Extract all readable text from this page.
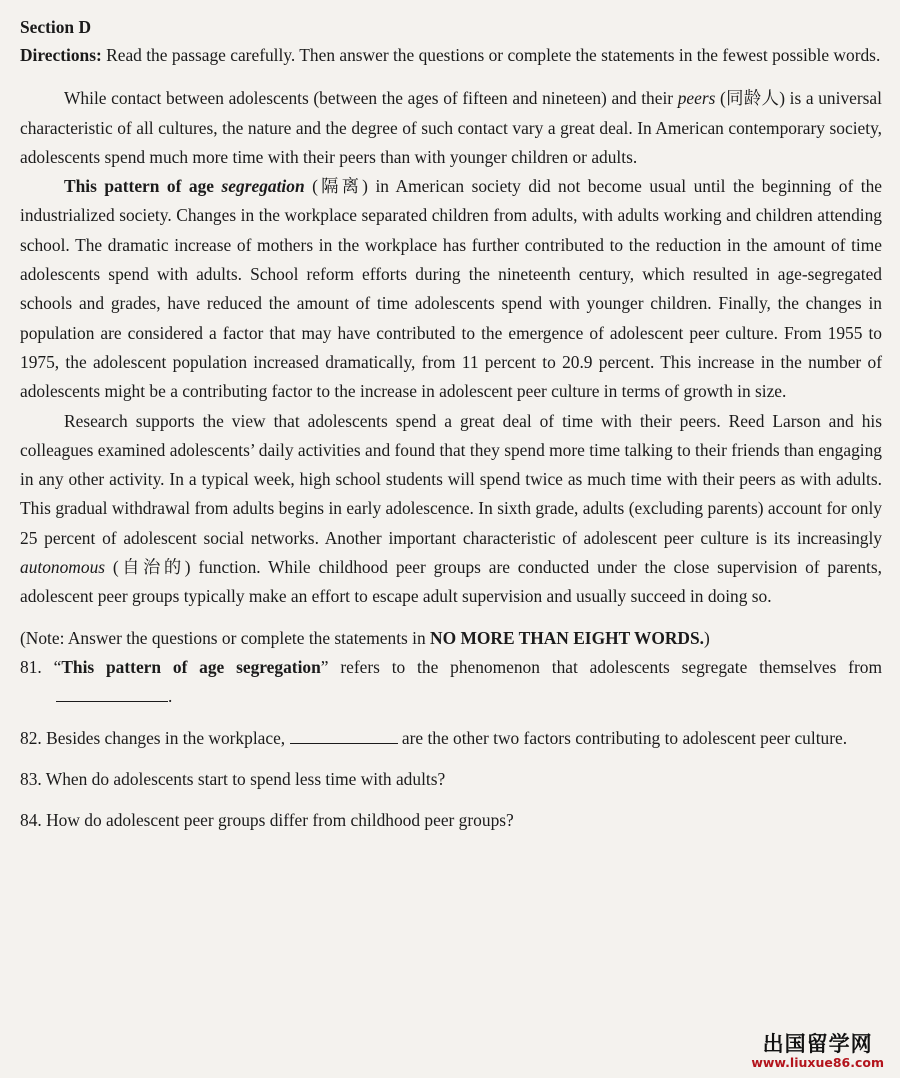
Section D

Directions: Read the passage carefully. Then answer the questions or complete the statements in the fewest possible words.

While contact between adolescents (between the ages of fifteen and nineteen) and their peers (同龄人) is a universal characteristic of all cultures, the nature and the degree of such contact vary a great deal. In American contemporary society, adolescents spend much more time with their peers than with younger children or adults.

This pattern of age segregation (隔离) in American society did not become usual until the beginning of the industrialized society. Changes in the workplace separated children from adults, with adults working and children attending school. The dramatic increase of mothers in the workplace has further contributed to the reduction in the amount of time adolescents spend with adults. School reform efforts during the nineteenth century, which resulted in age-segregated schools and grades, have reduced the amount of time adolescents spend with younger children. Finally, the changes in population are considered a factor that may have contributed to the emergence of adolescent peer culture. From 1955 to 1975, the adolescent population increased dramatically, from 11 percent to 20.9 percent. This increase in the number of adolescents might be a contributing factor to the increase in adolescent peer culture in terms of growth in size.

Research supports the view that adolescents spend a great deal of time with their peers. Reed Larson and his colleagues examined adolescents’ daily activities and found that they spend more time talking to their friends than engaging in any other activity. In a typical week, high school students will spend twice as much time with their peers as with adults. This gradual withdrawal from adults begins in early adolescence. In sixth grade, adults (excluding parents) account for only 25 percent of adolescent social networks. Another important characteristic of adolescent peer culture is its increasingly autonomous (自治的) function. While childhood peer groups are conducted under the close supervision of parents, adolescent peer groups typically make an effort to escape adult supervision and usually succeed in doing so.

(Note: Answer the questions or complete the statements in NO MORE THAN EIGHT WORDS.)

81. “This pattern of age segregation” refers to the phenomenon that adolescents segregate themselves from .

82. Besides changes in the workplace,	are the other two factors contributing to adolescent peer culture.

83. When do adolescents start to spend less time with adults?

84. How do adolescent peer groups differ from childhood peer groups?

出国留学网
www.liuxue86.com
